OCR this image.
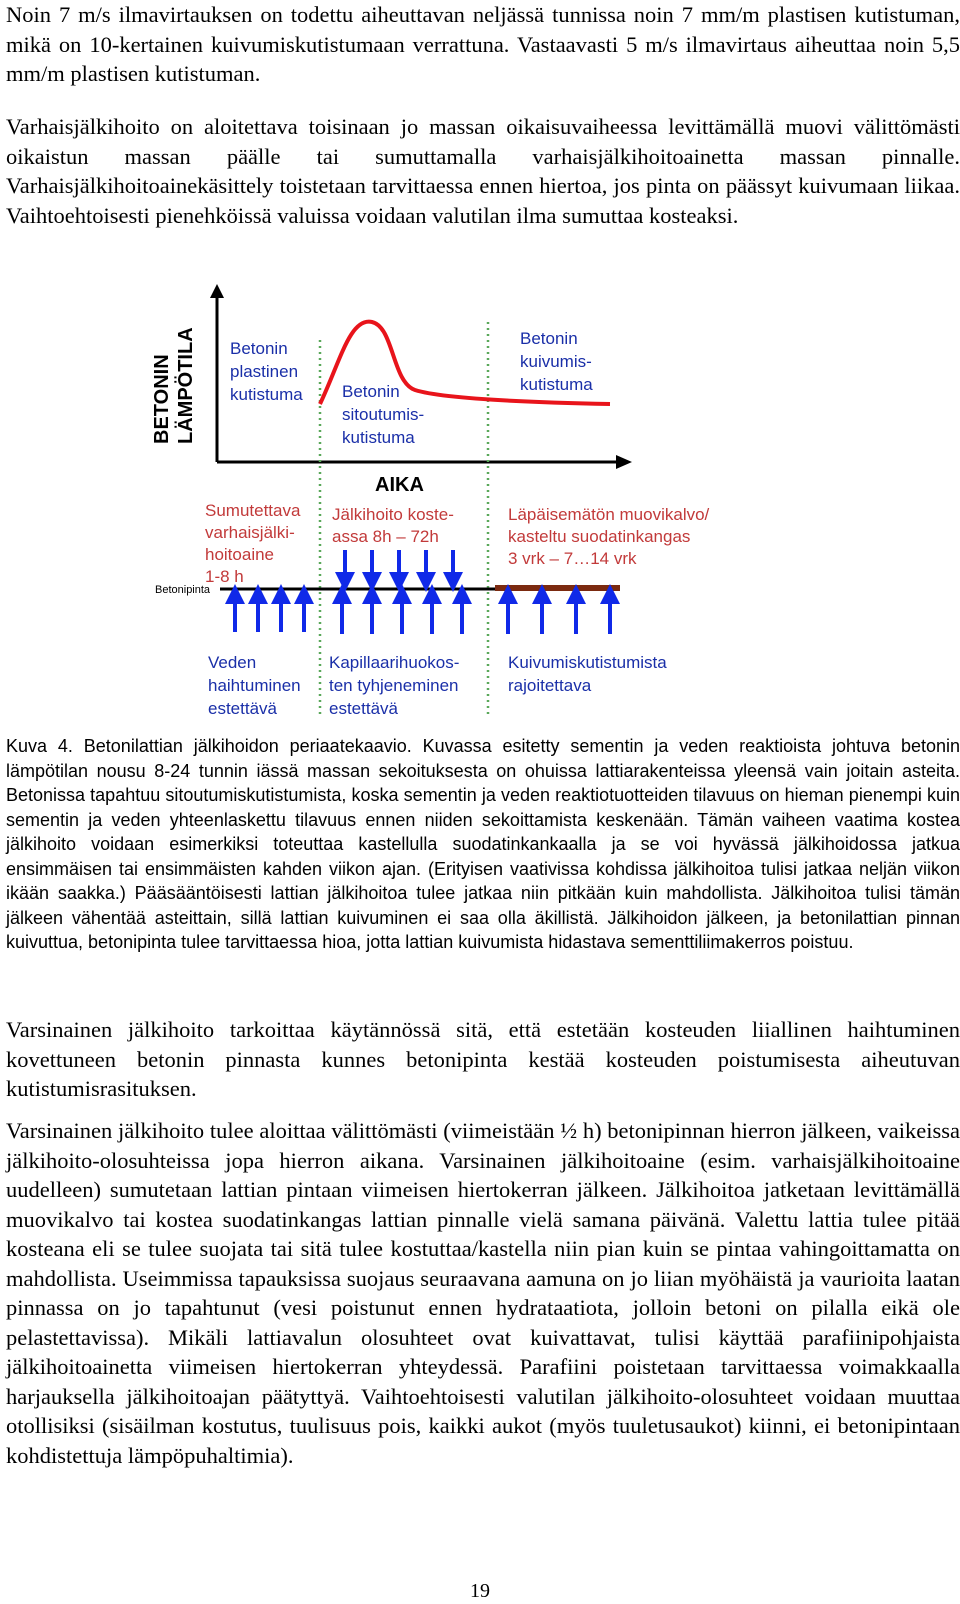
Noin 7 m/s ilmavirtauksen on todettu aiheuttavan neljässä tunnissa noin 7 mm/m plastisen kutistuman, mikä on 10-kertainen kuivumiskutistumaan verrattuna. Vastaavasti 5 m/s ilmavirtaus aiheuttaa noin 5,5 mm/m plastisen kutistuman.

Varhaisjälkihoito on aloitettava toisinaan jo massan oikaisuvaiheessa levittämällä muovi välittömästi oikaistun massan päälle tai sumuttamalla varhaisjälkihoitoainetta massan pinnalle. Varhaisjälkihoitoainekäsittely toistetaan tarvittaessa ennen hiertoa, jos pinta on päässyt kuivumaan liikaa. Vaihtoehtoisesti pienehköissä valuissa voidaan valutilan ilma sumuttaa kosteaksi.

BETONIN LÄMPÖTILA Betonin plastinen kutistuma Betonin sitoutumis- kutistuma
Betonin kuivumis- kutistuma
AIKA
Sumutettava varhaisjälki- hoitoaine 1-8 h
Jälkihoito koste- assa 8h – 72h
Läpäisemätön muovikalvo/ kasteltu suodatinkangas 3 vrk – 7…14 vrk
Betonipinta
Veden haihtuminen estettävä
Kapillaarihuokos- ten tyhjeneminen estettävä
Kuivumiskutistumista rajoitettava

Kuva 4. Betonilattian jälkihoidon periaatekaavio. Kuvassa esitetty sementin ja veden reaktioista johtuva betonin lämpötilan nousu 8-24 tunnin iässä massan sekoituksesta on ohuissa lattiarakenteissa yleensä vain joitain asteita. Betonissa tapahtuu sitoutumiskutistumista, koska sementin ja veden reaktiotuotteiden tilavuus on hieman pienempi kuin sementin ja veden yhteenlaskettu tilavuus ennen niiden sekoittamista keskenään. Tämän vaiheen vaatima kostea jälkihoito voidaan esimerkiksi toteuttaa kastellulla suodatinkankaalla ja se voi hyvässä jälkihoidossa jatkua ensimmäisen tai ensimmäisten kahden viikon ajan. (Erityisen vaativissa kohdissa jälkihoitoa tulisi jatkaa neljän viikon ikään saakka.) Pääsääntöisesti lattian jälkihoitoa tulee jatkaa niin pitkään kuin mahdollista. Jälkihoitoa tulisi tämän jälkeen vähentää asteittain, sillä lattian kuivuminen ei saa olla äkillistä. Jälkihoidon jälkeen, ja betonilattian pinnan kuivuttua, betonipinta tulee tarvittaessa hioa, jotta lattian kuivumista hidastava sementtiliimakerros poistuu.

Varsinainen jälkihoito tarkoittaa käytännössä sitä, että estetään kosteuden liiallinen haihtuminen kovettuneen betonin pinnasta kunnes betonipinta kestää kosteuden poistumisesta aiheutuvan kutistumisrasituksen.

Varsinainen jälkihoito tulee aloittaa välittömästi (viimeistään ½ h) betonipinnan hierron jälkeen, vaikeissa jälkihoito-olosuhteissa jopa hierron aikana. Varsinainen jälkihoitoaine (esim. varhaisjälkihoitoaine uudelleen) sumutetaan lattian pintaan viimeisen hiertokerran jälkeen. Jälkihoitoa jatketaan levittämällä muovikalvo tai kostea suodatinkangas lattian pinnalle vielä samana päivänä. Valettu lattia tulee pitää kosteana eli se tulee suojata tai sitä tulee kostuttaa/kastella niin pian kuin se pintaa vahingoittamatta on mahdollista. Useimmissa tapauksissa suojaus seuraavana aamuna on jo liian myöhäistä ja vaurioita laatan pinnassa on jo tapahtunut (vesi poistunut ennen hydrataatiota, jolloin betoni on pilalla eikä ole pelastettavissa). Mikäli lattiavalun olosuhteet ovat kuivattavat, tulisi käyttää parafiinipohjaista jälkihoitoainetta viimeisen hiertokerran yhteydessä. Parafiini poistetaan tarvittaessa voimakkaalla harjauksella jälkihoitoajan päätyttyä. Vaihtoehtoisesti valutilan jälkihoito-olosuhteet voidaan muuttaa otollisiksi (sisäilman kostutus, tuulisuus pois, kaikki aukot (myös tuuletusaukot) kiinni, ei betonipintaan kohdistettuja lämpöpuhaltimia).

19
